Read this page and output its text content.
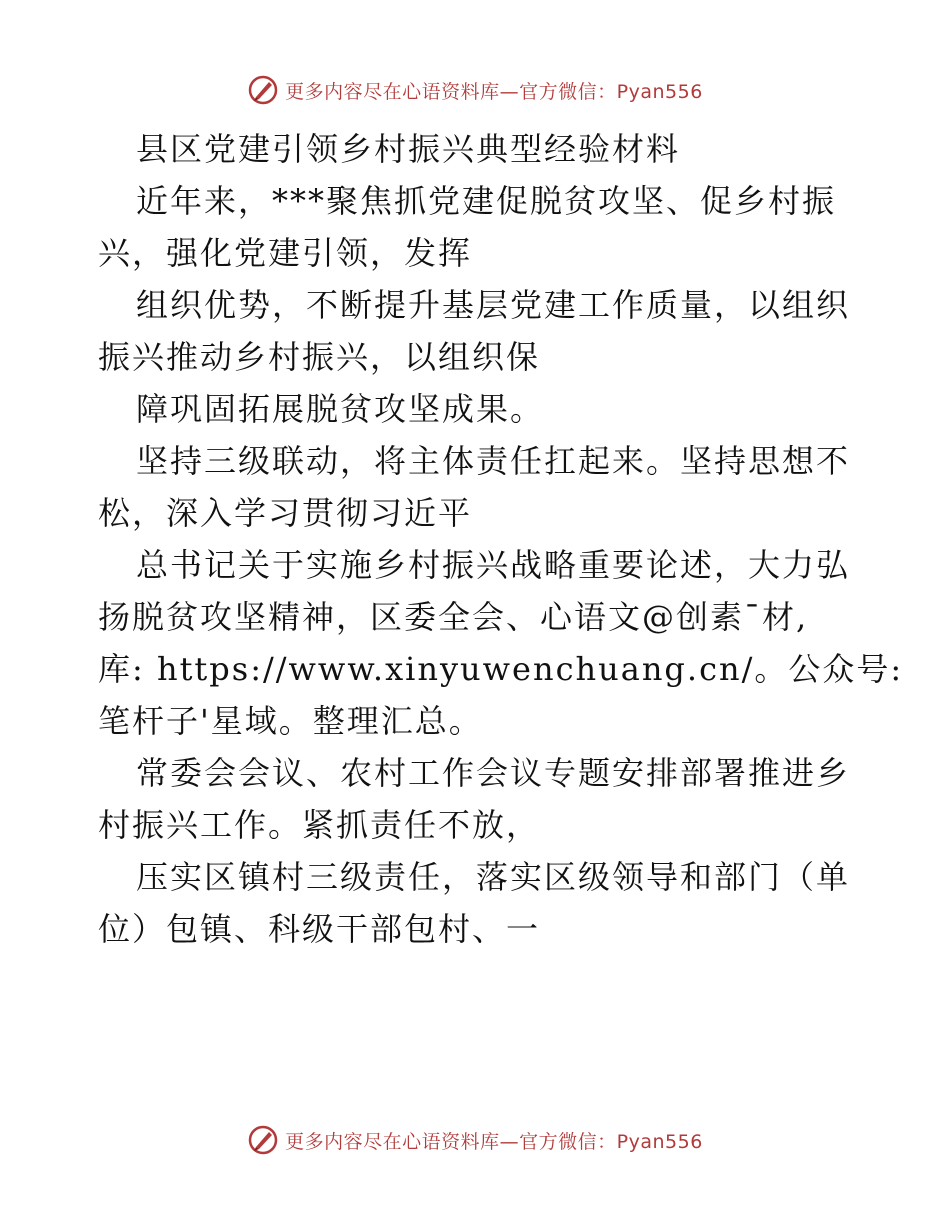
更多内容尽在心语资料库—官方微信：Pyan556
县区党建引领乡村振兴典型经验材料
近年来，***聚焦抓党建促脱贫攻坚、促乡村振
兴，强化党建引领，发挥
组织优势，不断提升基层党建工作质量，以组织
振兴推动乡村振兴，以组织保
障巩固拓展脱贫攻坚成果。
坚持三级联动，将主体责任扛起来。坚持思想不
松，深入学习贯彻习近平
总书记关于实施乡村振兴战略重要论述，大力弘
扬脱贫攻坚精神，区委全会、心语文@创素¯材,
库: https://www.xinyuwenchuang.cn/。公众号:
笔杆子'星域。整理汇总。
常委会会议、农村工作会议专题安排部署推进乡
村振兴工作。紧抓责任不放，
压实区镇村三级责任，落实区级领导和部门（单
位）包镇、科级干部包村、一
更多内容尽在心语资料库—官方微信：Pyan556
